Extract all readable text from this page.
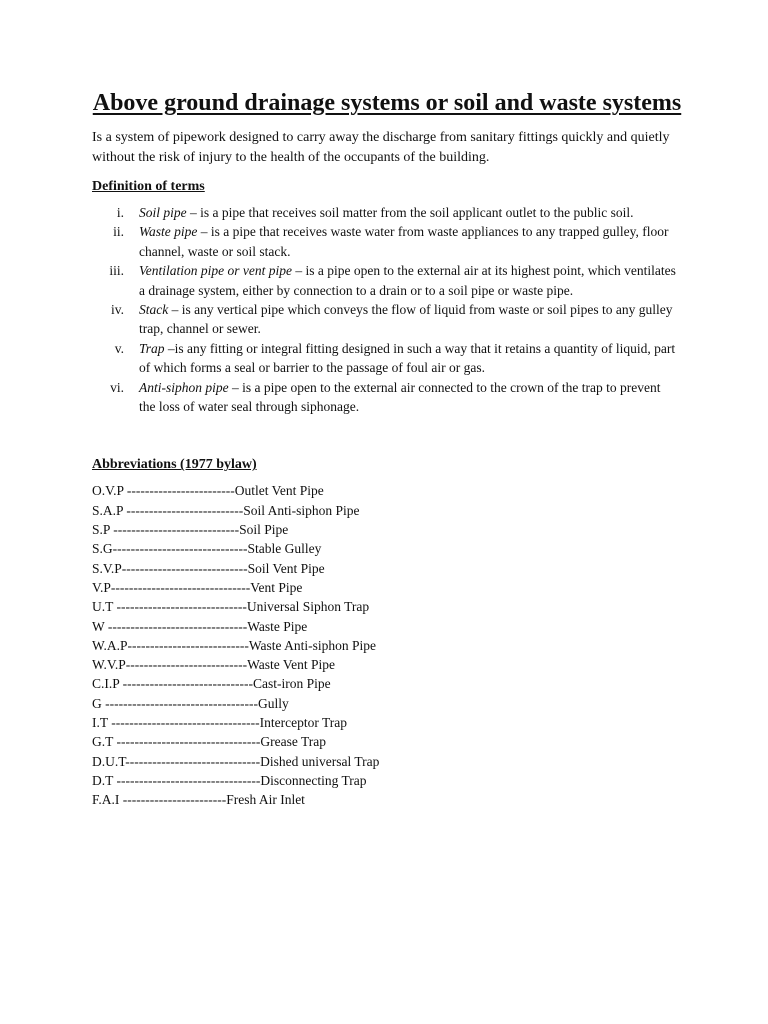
Above ground drainage systems or soil and waste systems

Is a system of pipework designed to carry away the discharge from sanitary fittings quickly and quietly without the risk of injury to the health of the occupants of the building.

Definition of terms
i. Soil pipe – is a pipe that receives soil matter from the soil applicant outlet to the public soil.
ii. Waste pipe – is a pipe that receives waste water from waste appliances to any trapped gulley, floor channel, waste or soil stack.
iii. Ventilation pipe or vent pipe – is a pipe open to the external air at its highest point, which ventilates a drainage system, either by connection to a drain or to a soil pipe or waste pipe.
iv. Stack – is any vertical pipe which conveys the flow of liquid from waste or soil pipes to any gulley trap, channel or sewer.
v. Trap –is any fitting or integral fitting designed in such a way that it retains a quantity of liquid, part of which forms a seal or barrier to the passage of foul air or gas.
vi. Anti-siphon pipe – is a pipe open to the external air connected to the crown of the trap to prevent the loss of water seal through siphonage.
Abbreviations (1977 bylaw)
O.V.P ------------------------Outlet Vent Pipe
S.A.P --------------------------Soil Anti-siphon Pipe
S.P ----------------------------Soil Pipe
S.G------------------------------Stable Gulley
S.V.P----------------------------Soil Vent Pipe
V.P-------------------------------Vent Pipe
U.T -----------------------------Universal Siphon Trap
W -------------------------------Waste Pipe
W.A.P---------------------------Waste Anti-siphon Pipe
W.V.P---------------------------Waste Vent Pipe
C.I.P -----------------------------Cast-iron Pipe
G ----------------------------------Gully
I.T ---------------------------------Interceptor Trap
G.T --------------------------------Grease Trap
D.U.T------------------------------Dished universal Trap
D.T --------------------------------Disconnecting Trap
F.A.I -----------------------Fresh Air Inlet
